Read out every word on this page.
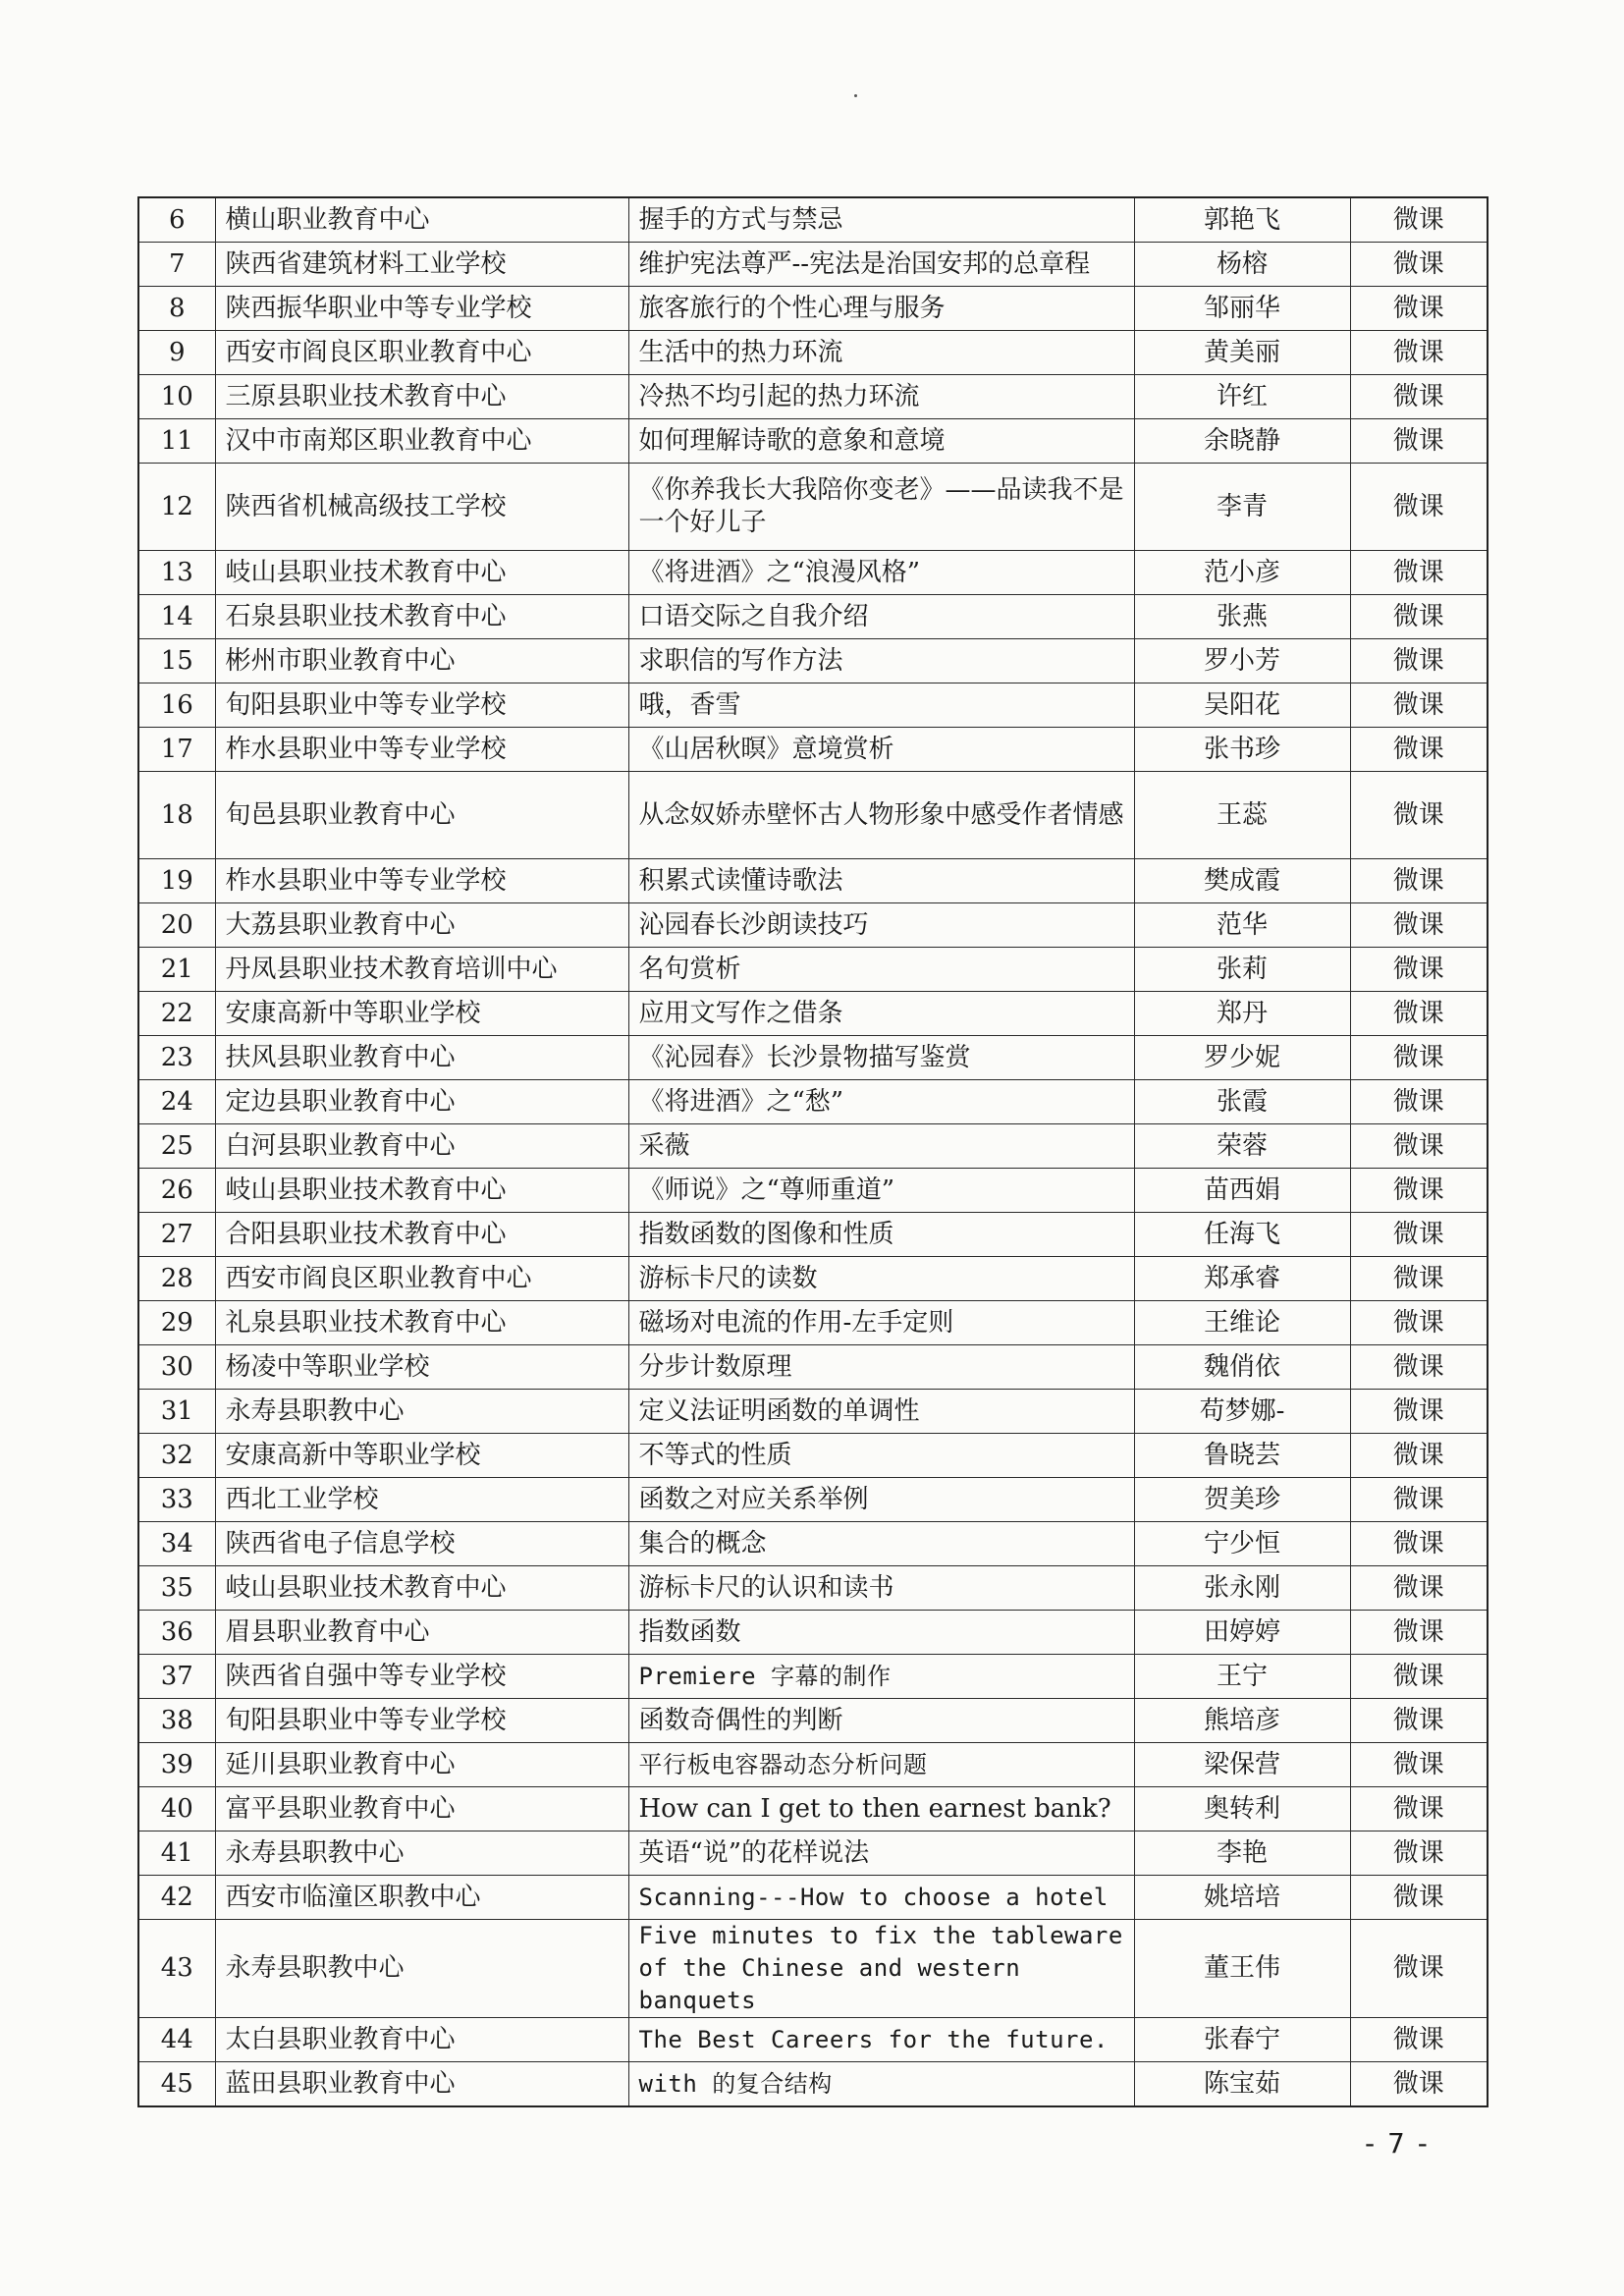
6	横山职业教育中心	握手的方式与禁忌	郭艳飞	微课
7	陕西省建筑材料工业学校	维护宪法尊严--宪法是治国安邦的总章程	杨榕	微课
8	陕西振华职业中等专业学校	旅客旅行的个性心理与服务	邹丽华	微课
9	西安市阎良区职业教育中心	生活中的热力环流	黄美丽	微课
10	三原县职业技术教育中心	冷热不均引起的热力环流	许红	微课
11	汉中市南郑区职业教育中心	如何理解诗歌的意象和意境	余晓静	微课
12	陕西省机械高级技工学校	《你养我长大我陪你变老》——品读我不是一个好儿子	李青	微课
13	岐山县职业技术教育中心	《将进酒》之“浪漫风格”	范小彦	微课
14	石泉县职业技术教育中心	口语交际之自我介绍	张燕	微课
15	彬州市职业教育中心	求职信的写作方法	罗小芳	微课
16	旬阳县职业中等专业学校	哦，香雪	吴阳花	微课
17	柞水县职业中等专业学校	《山居秋暝》意境赏析	张书珍	微课
18	旬邑县职业教育中心	从念奴娇赤壁怀古人物形象中感受作者情感	王蕊	微课
19	柞水县职业中等专业学校	积累式读懂诗歌法	樊成霞	微课
20	大荔县职业教育中心	沁园春长沙朗读技巧	范华	微课
21	丹凤县职业技术教育培训中心	名句赏析	张莉	微课
22	安康高新中等职业学校	应用文写作之借条	郑丹	微课
23	扶风县职业教育中心	《沁园春》长沙景物描写鉴赏	罗少妮	微课
24	定边县职业教育中心	《将进酒》之“愁”	张霞	微课
25	白河县职业教育中心	采薇	荣蓉	微课
26	岐山县职业技术教育中心	《师说》之“尊师重道”	苗西娟	微课
27	合阳县职业技术教育中心	指数函数的图像和性质	任海飞	微课
28	西安市阎良区职业教育中心	游标卡尺的读数	郑承睿	微课
29	礼泉县职业技术教育中心	磁场对电流的作用-左手定则	王维论	微课
30	杨凌中等职业学校	分步计数原理	魏俏依	微课
31	永寿县职教中心	定义法证明函数的单调性	苟梦娜-	微课
32	安康高新中等职业学校	不等式的性质	鲁晓芸	微课
33	西北工业学校	函数之对应关系举例	贺美珍	微课
34	陕西省电子信息学校	集合的概念	宁少恒	微课
35	岐山县职业技术教育中心	游标卡尺的认识和读书	张永刚	微课
36	眉县职业教育中心	指数函数	田婷婷	微课
37	陕西省自强中等专业学校	Premiere 字幕的制作	王宁	微课
38	旬阳县职业中等专业学校	函数奇偶性的判断	熊培彦	微课
39	延川县职业教育中心	平行板电容器动态分析问题	梁保营	微课
40	富平县职业教育中心	How can I get to then earnest bank?	奥转利	微课
41	永寿县职教中心	英语“说”的花样说法	李艳	微课
42	西安市临潼区职教中心	Scanning---How to choose a hotel	姚培培	微课
43	永寿县职教中心	Five minutes to fix the tableware of the Chinese and western banquets	董王伟	微课
44	太白县职业教育中心	The Best Careers for the future.	张春宁	微课
45	蓝田县职业教育中心	with 的复合结构	陈宝茹	微课
- 7 -
